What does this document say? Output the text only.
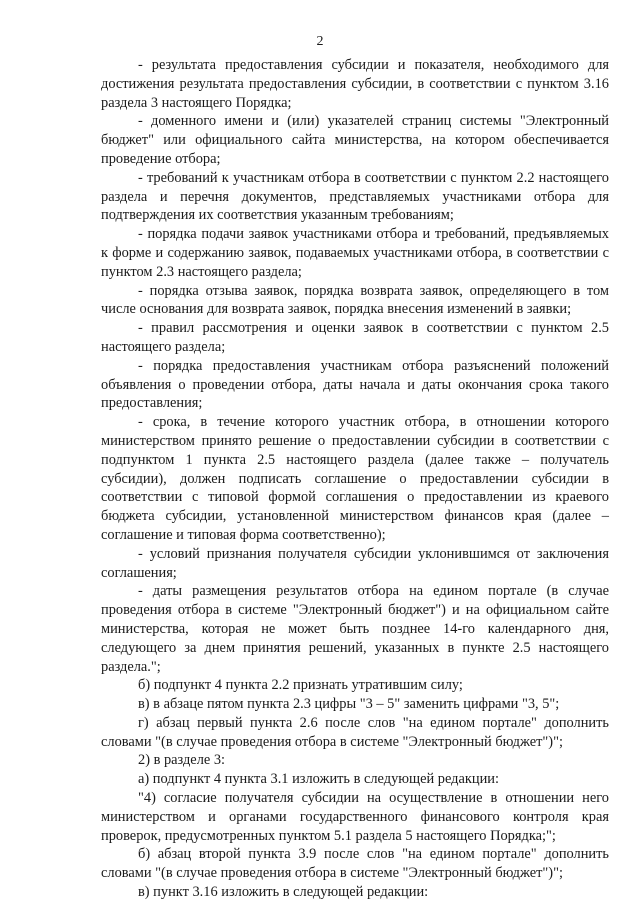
2

- результата предоставления субсидии и показателя, необходимого для достижения результата предоставления субсидии, в соответствии с пунктом 3.16 раздела 3 настоящего Порядка;

- доменного имени и (или) указателей страниц системы "Электронный бюджет" или официального сайта министерства, на котором обеспечивается проведение отбора;

- требований к участникам отбора в соответствии с пунктом 2.2 настоящего раздела и перечня документов, представляемых участниками отбора для подтверждения их соответствия указанным требованиям;

- порядка подачи заявок участниками отбора и требований, предъявляемых к форме и содержанию заявок, подаваемых участниками отбора, в соответствии с пунктом 2.3 настоящего раздела;

- порядка отзыва заявок, порядка возврата заявок, определяющего в том числе основания для возврата заявок, порядка внесения изменений в заявки;

- правил рассмотрения и оценки заявок в соответствии с пунктом 2.5 настоящего раздела;

- порядка предоставления участникам отбора разъяснений положений объявления о проведении отбора, даты начала и даты окончания срока такого предоставления;

- срока, в течение которого участник отбора, в отношении которого министерством принято решение о предоставлении субсидии в соответствии с подпунктом 1 пункта 2.5 настоящего раздела (далее также – получатель субсидии), должен подписать соглашение о предоставлении субсидии в соответствии с типовой формой соглашения о предоставлении из краевого бюджета субсидии, установленной министерством финансов края (далее – соглашение и типовая форма соответственно);

- условий признания получателя субсидии уклонившимся от заключения соглашения;

- даты размещения результатов отбора на едином портале (в случае проведения отбора в системе "Электронный бюджет") и на официальном сайте министерства, которая не может быть позднее 14-го календарного дня, следующего за днем принятия решений, указанных в пункте 2.5 настоящего раздела.";

б) подпункт 4 пункта 2.2 признать утратившим силу;

в) в абзаце пятом пункта 2.3 цифры "3 – 5" заменить цифрами "3, 5";

г) абзац первый пункта 2.6 после слов "на едином портале" дополнить словами "(в случае проведения отбора в системе "Электронный бюджет")";

2) в разделе 3:

а) подпункт 4 пункта 3.1 изложить в следующей редакции:

"4) согласие получателя субсидии на осуществление в отношении него министерством и органами государственного финансового контроля края проверок, предусмотренных пунктом 5.1 раздела 5 настоящего Порядка;";

б) абзац второй пункта 3.9 после слов "на едином портале" дополнить словами "(в случае проведения отбора в системе "Электронный бюджет")";

в) пункт 3.16 изложить в следующей редакции:
